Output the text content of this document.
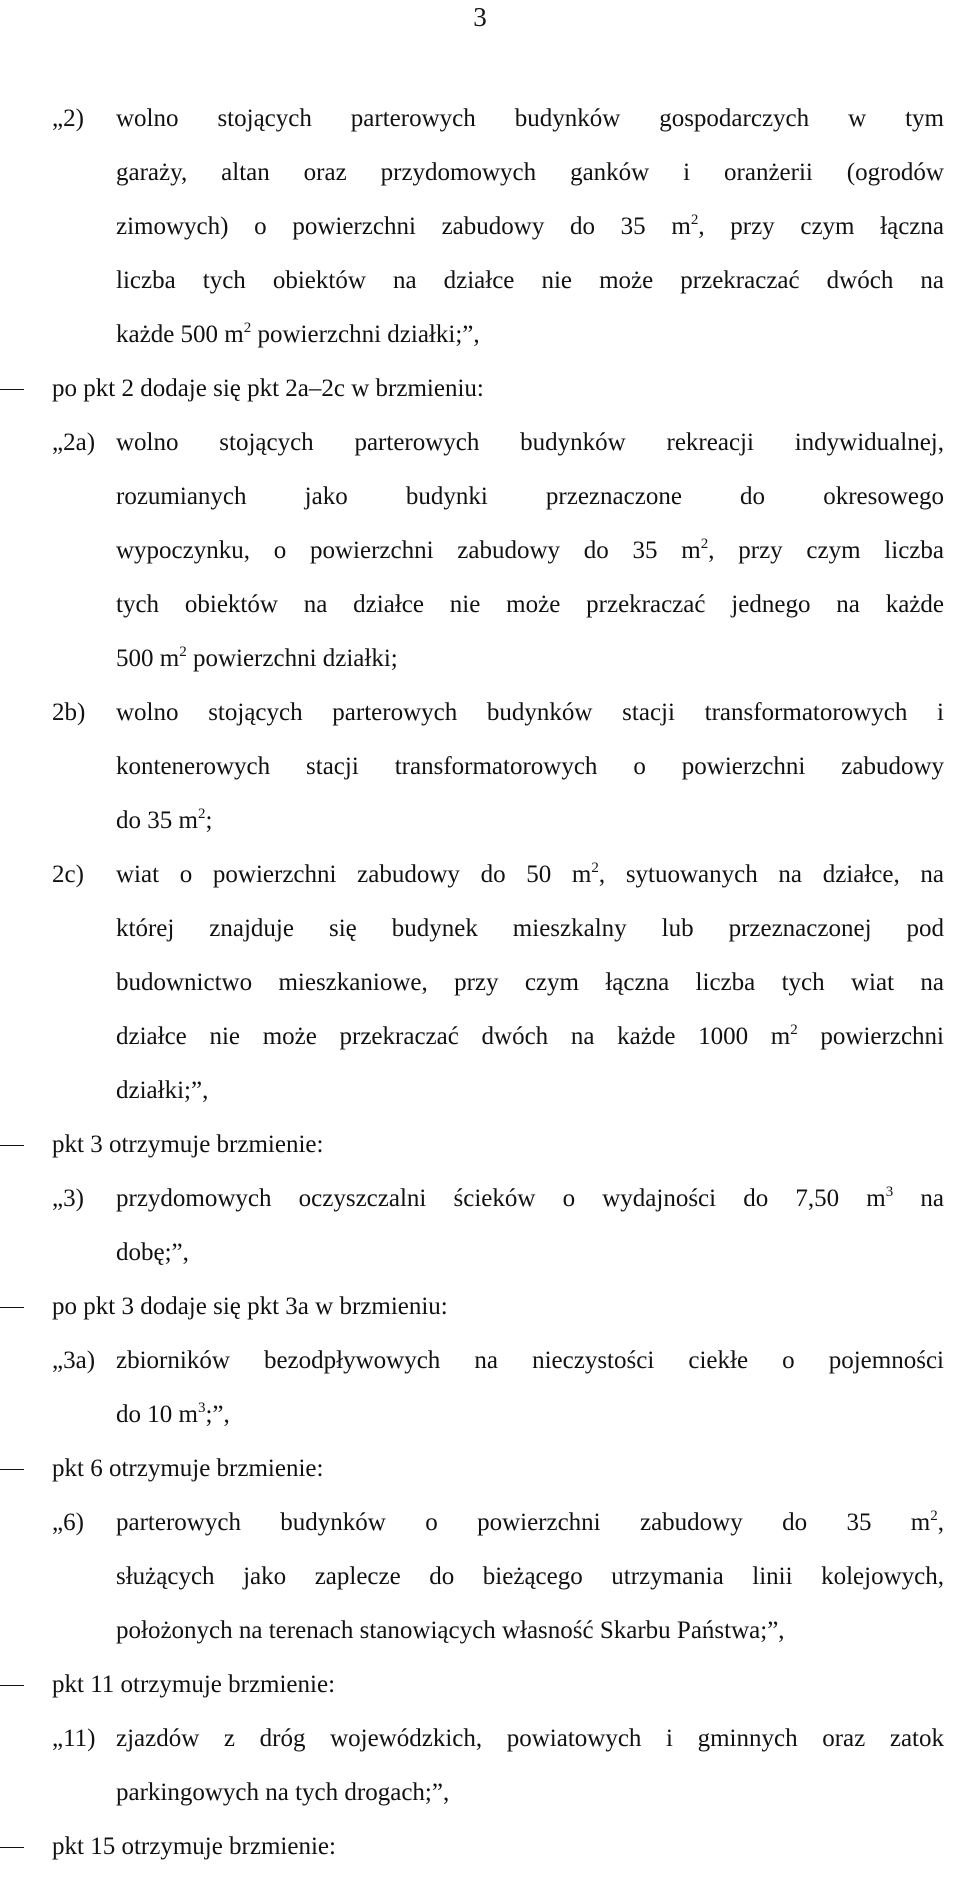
3
„2) wolno stojących parterowych budynków gospodarczych w tym
garaży, altan oraz przydomowych ganków i oranżerii (ogrodów
zimowych) o powierzchni zabudowy do 35 $m^2$, przy czym łączna
liczba tych obiektów na działce nie może przekraczać dwóch na
każde 500 $m^2$ powierzchni działki;”,
po pkt 2 dodaje się pkt 2a–2c w brzmieniu:
„2a) wolno stojących parterowych budynków rekreacji indywidualnej,
rozumianych jako budynki przeznaczone do okresowego
wypoczynku, o powierzchni zabudowy do 35 $m^2$, przy czym liczba
tych obiektów na działce nie może przekraczać jednego na każde
500 $m^2$ powierzchni działki;
2b) wolno stojących parterowych budynków stacji transformatorowych i
kontenerowych stacji transformatorowych o powierzchni zabudowy
do 35 $m^2$;
2c) wiat o powierzchni zabudowy do 50 $m^2$, sytuowanych na działce, na
której znajduje się budynek mieszkalny lub przeznaczonej pod
budownictwo mieszkaniowe, przy czym łączna liczba tych wiat na
działce nie może przekraczać dwóch na każde 1000 $m^2$ powierzchni
działki;”,
pkt 3 otrzymuje brzmienie:
„3) przydomowych oczyszczalni ścieków o wydajności do 7,50 $m^3$ na
dobę;”,
po pkt 3 dodaje się pkt 3a w brzmieniu:
„3a) zbiorników bezodpływowych na nieczystości ciekłe o pojemności
do 10 $m^3$;”,
pkt 6 otrzymuje brzmienie:
„6) parterowych budynków o powierzchni zabudowy do 35 $m^2$,
służących jako zaplecze do bieżącego utrzymania linii kolejowych,
położonych na terenach stanowiących własność Skarbu Państwa;”,
pkt 11 otrzymuje brzmienie:
„11) zjazdów z dróg wojewódzkich, powiatowych i gminnych oraz zatok
parkingowych na tych drogach;”,
pkt 15 otrzymuje brzmienie:
